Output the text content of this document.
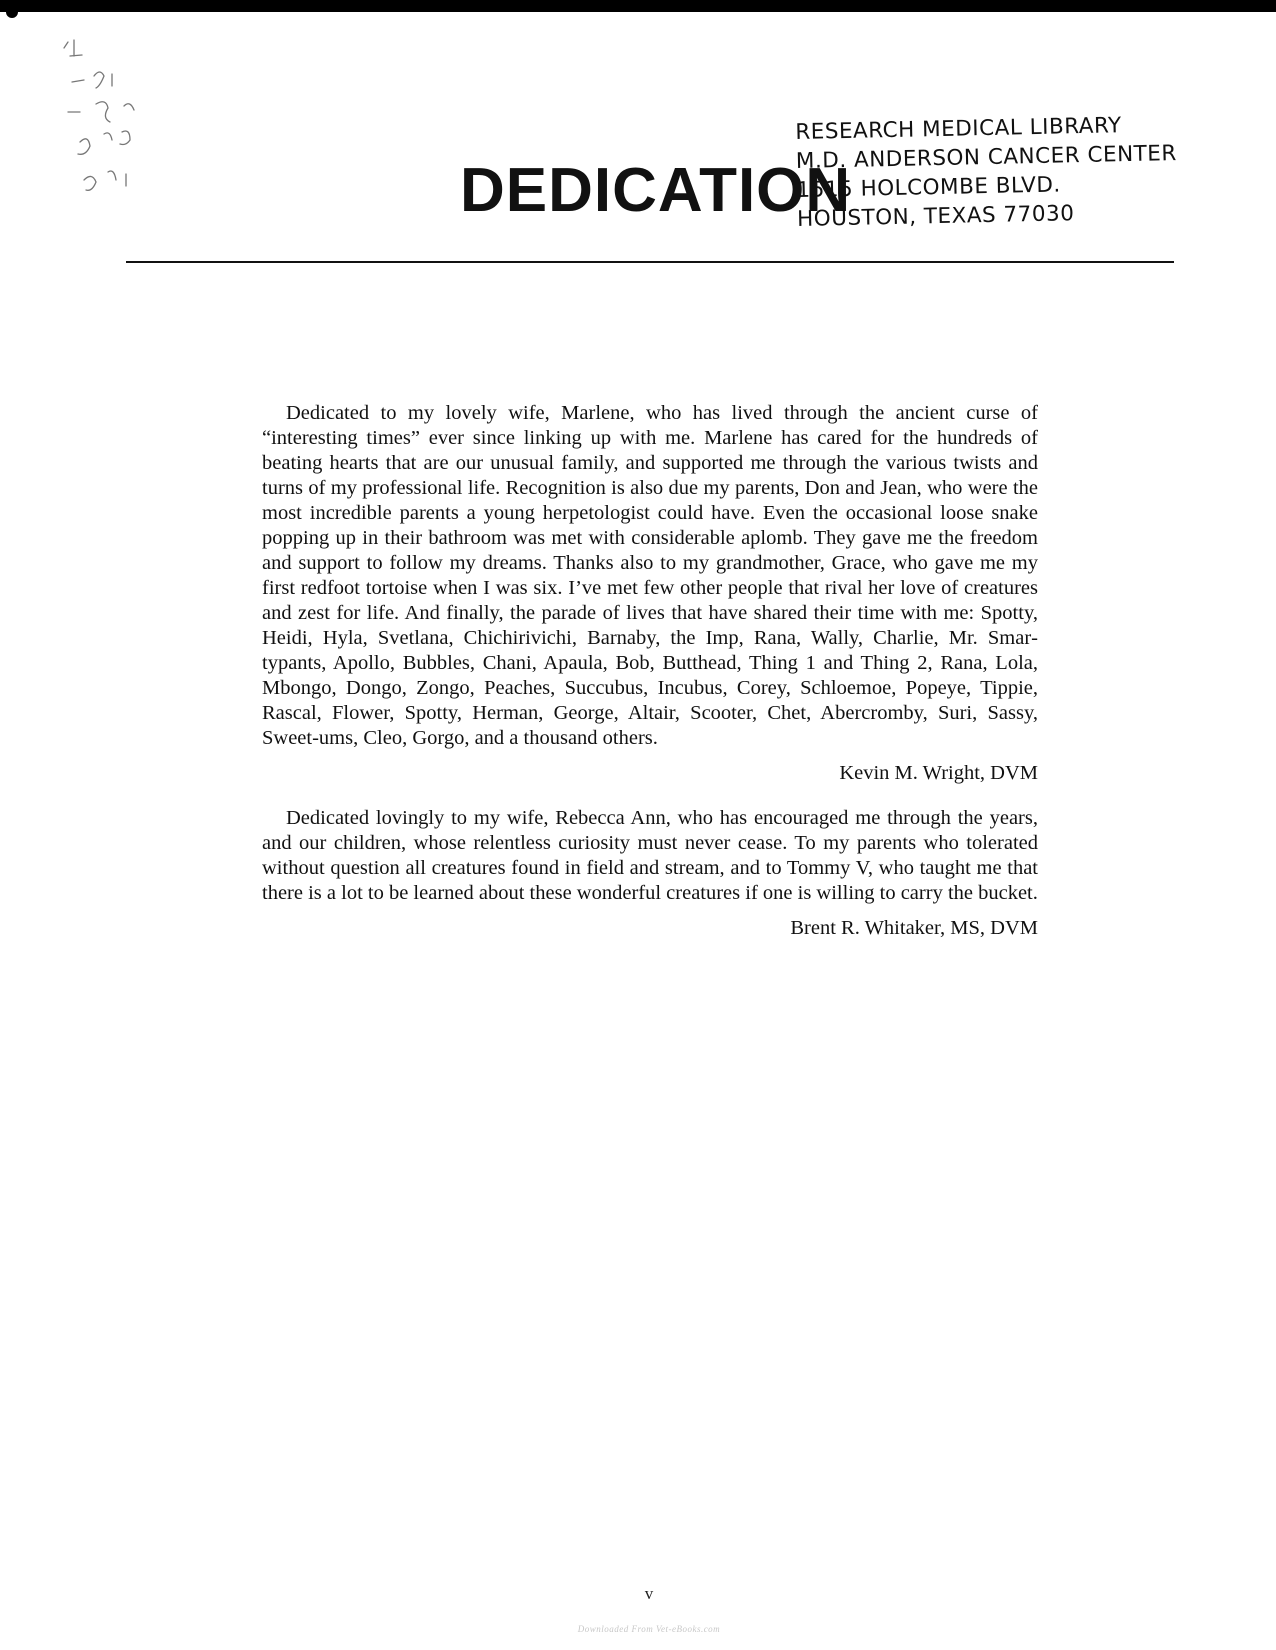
DEDICATION
RESEARCH MEDICAL LIBRARY
M.D. ANDERSON CANCER CENTER
1515 HOLCOMBE BLVD.
HOUSTON, TEXAS 77030

Dedicated to my lovely wife, Marlene, who has lived through the ancient curse of “interesting times” ever since linking up with me. Marlene has cared for the hundreds of beating hearts that are our unusual family, and supported me through the various twists and turns of my professional life. Recognition is also due my parents, Don and Jean, who were the most incredible parents a young herpetologist could have. Even the occasional loose snake popping up in their bathroom was met with considerable aplomb. They gave me the freedom and support to follow my dreams. Thanks also to my grandmother, Grace, who gave me my first redfoot tortoise when I was six. I’ve met few other people that rival her love of creatures and zest for life. And finally, the parade of lives that have shared their time with me: Spotty, Heidi, Hyla, Svetlana, Chichirivichi, Barnaby, the Imp, Rana, Wally, Charlie, Mr. Smartypants, Apollo, Bubbles, Chani, Apaula, Bob, Butthead, Thing 1 and Thing 2, Rana, Lola, Mbongo, Dongo, Zongo, Peaches, Succubus, Incubus, Corey, Schloemoe, Popeye, Tippie, Rascal, Flower, Spotty, Herman, George, Altair, Scooter, Chet, Abercromby, Suri, Sassy, Sweet-ums, Cleo, Gorgo, and a thousand others.

Kevin M. Wright, DVM

Dedicated lovingly to my wife, Rebecca Ann, who has encouraged me through the years, and our children, whose relentless curiosity must never cease. To my parents who tolerated without question all creatures found in field and stream, and to Tommy V, who taught me that there is a lot to be learned about these wonderful creatures if one is willing to carry the bucket.

Brent R. Whitaker, MS, DVM
v
Downloaded From Vet-eBooks.com
